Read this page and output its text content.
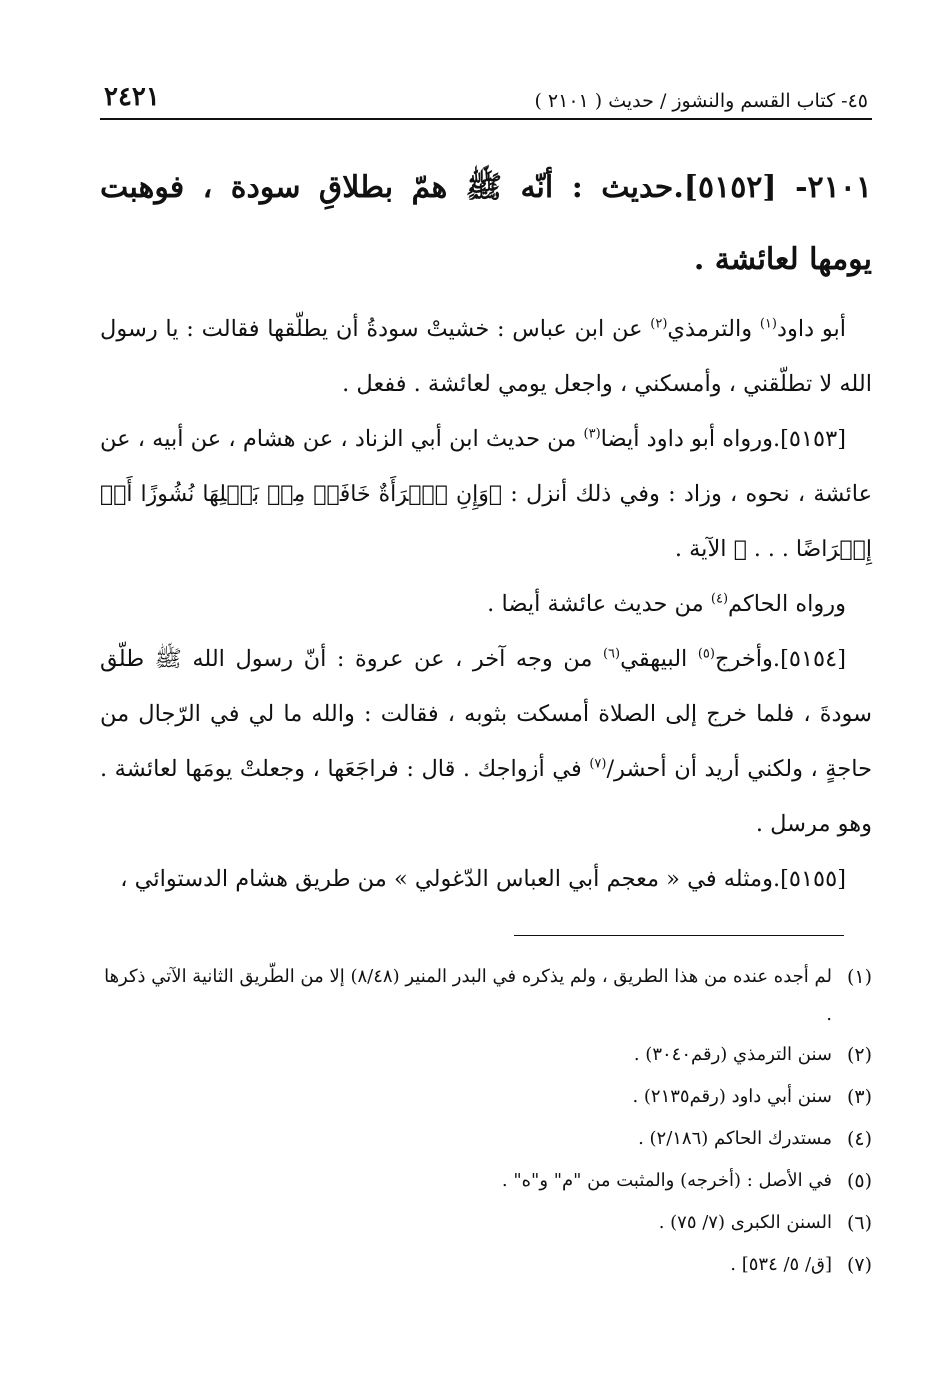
٤٥- كتاب القسم والنشوز / حديث ( ٢١٠١ )
٢٤٢١
٢١٠١- [٥١٥٢].حديث : أنّه ﷺ همّ بطلاقِ سودة ، فوهبت يومها لعائشة .

أبو داود$^{(١)}$ والترمذي$^{(٢)}$ عن ابن عباس : خشيتْ سودةُ أن يطلّقها فقالت : يا رسول الله لا تطلّقني ، وأمسكني ، واجعل يومي لعائشة . ففعل .

[٥١٥٣].ورواه أبو داود أيضا$^{(٣)}$ من حديث ابن أبي الزناد ، عن هشام ، عن أبيه ، عن عائشة ، نحوه ، وزاد : وفي ذلك أنزل : ﴿وَإِنِ ٱمۡرَأَةٌ خَافَتۡ مِنۢ بَعۡلِهَا نُشُوزًا أَوۡ إِعۡرَاضًا . . . ﴾ الآية .

ورواه الحاكم$^{(٤)}$ من حديث عائشة أيضا .

[٥١٥٤].وأخرج$^{(٥)}$ البيهقي$^{(٦)}$ من وجه آخر ، عن عروة : أنّ رسول الله ﷺ طلّق سودةَ ، فلما خرج إلى الصلاة أمسكت بثوبه ، فقالت : والله ما لي في الرّجال من حاجةٍ ، ولكني أريد أن أحشر/$^{(٧)}$ في أزواجك . قال : فراجَعَها ، وجعلتْ يومَها لعائشة . وهو مرسل .

[٥١٥٥].ومثله في « معجم أبي العباس الدّغولي » من طريق هشام الدستوائي ،

(١)
لم أجده عنده من هذا الطريق ، ولم يذكره في البدر المنير (٨/٤٨) إلا من الطّريق الثانية الآتي ذكرها .
(٢)
سنن الترمذي (رقم٣٠٤٠) .
(٣)
سنن أبي داود (رقم٢١٣٥) .
(٤)
مستدرك الحاكم (٢/١٨٦) .
(٥)
في الأصل : (أخرجه) والمثبت من "م" و"ه" .
(٦)
السنن الكبرى (٧/ ٧٥) .
(٧)
[ق/ ٥/ ٥٣٤] .
